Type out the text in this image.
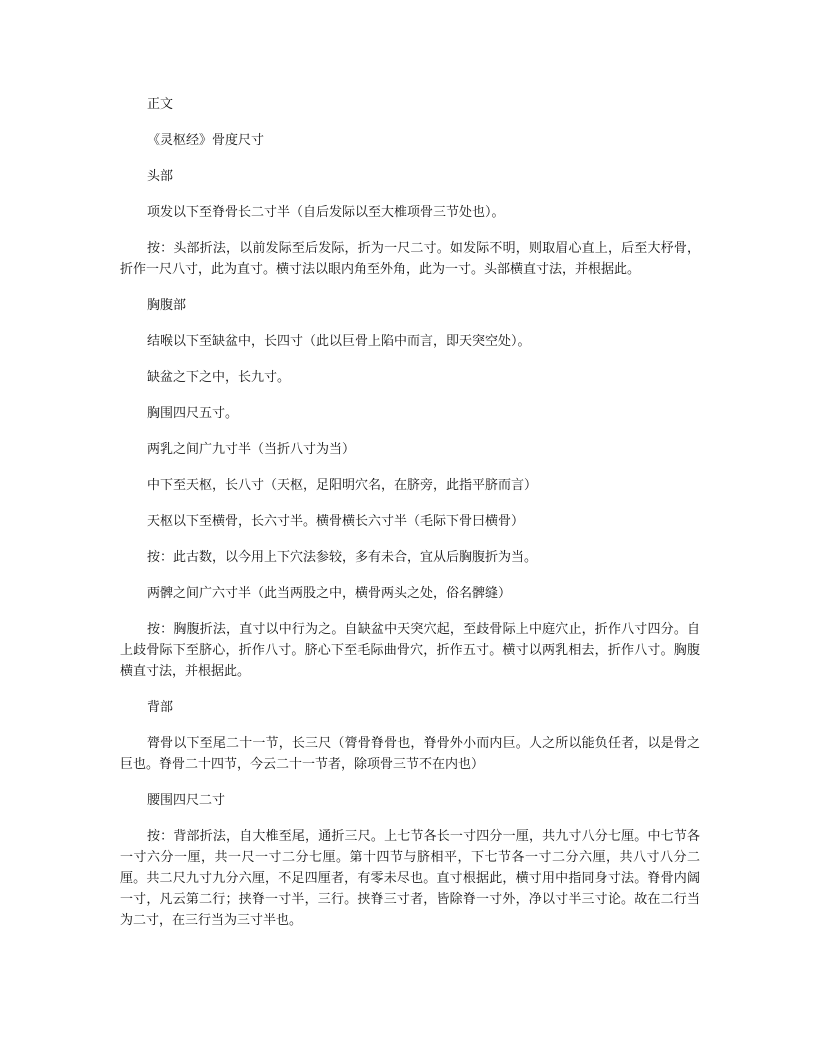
正文

《灵枢经》骨度尺寸

头部

项发以下至脊骨长二寸半（自后发际以至大椎项骨三节处也）。

按：头部折法，以前发际至后发际，折为一尺二寸。如发际不明，则取眉心直上，后至大杼骨，折作一尺八寸，此为直寸。横寸法以眼内角至外角，此为一寸。头部横直寸法，并根据此。

胸腹部

结喉以下至缺盆中，长四寸（此以巨骨上陷中而言，即天突空处）。

缺盆之下之中，长九寸。

胸围四尺五寸。

两乳之间广九寸半（当折八寸为当）

中下至天枢，长八寸（天枢，足阳明穴名，在脐旁，此指平脐而言）

天枢以下至横骨，长六寸半。横骨横长六寸半（毛际下骨曰横骨）

按：此古数，以今用上下穴法参较，多有未合，宜从后胸腹折为当。

两髀之间广六寸半（此当两股之中，横骨两头之处，俗名髀缝）

按：胸腹折法，直寸以中行为之。自缺盆中天突穴起，至歧骨际上中庭穴止，折作八寸四分。自上歧骨际下至脐心，折作八寸。脐心下至毛际曲骨穴，折作五寸。横寸以两乳相去，折作八寸。胸腹横直寸法，并根据此。

背部

膂骨以下至尾二十一节，长三尺（膂骨脊骨也，脊骨外小而内巨。人之所以能负任者，以是骨之巨也。脊骨二十四节，今云二十一节者，除项骨三节不在内也）

腰围四尺二寸

按：背部折法，自大椎至尾，通折三尺。上七节各长一寸四分一厘，共九寸八分七厘。中七节各一寸六分一厘，共一尺一寸二分七厘。第十四节与脐相平，下七节各一寸二分六厘，共八寸八分二厘。共二尺九寸九分六厘，不足四厘者，有零未尽也。直寸根据此，横寸用中指同身寸法。脊骨内阔一寸，凡云第二行；挟脊一寸半，三行。挟脊三寸者，皆除脊一寸外，净以寸半三寸论。故在二行当为二寸，在三行当为三寸半也。
